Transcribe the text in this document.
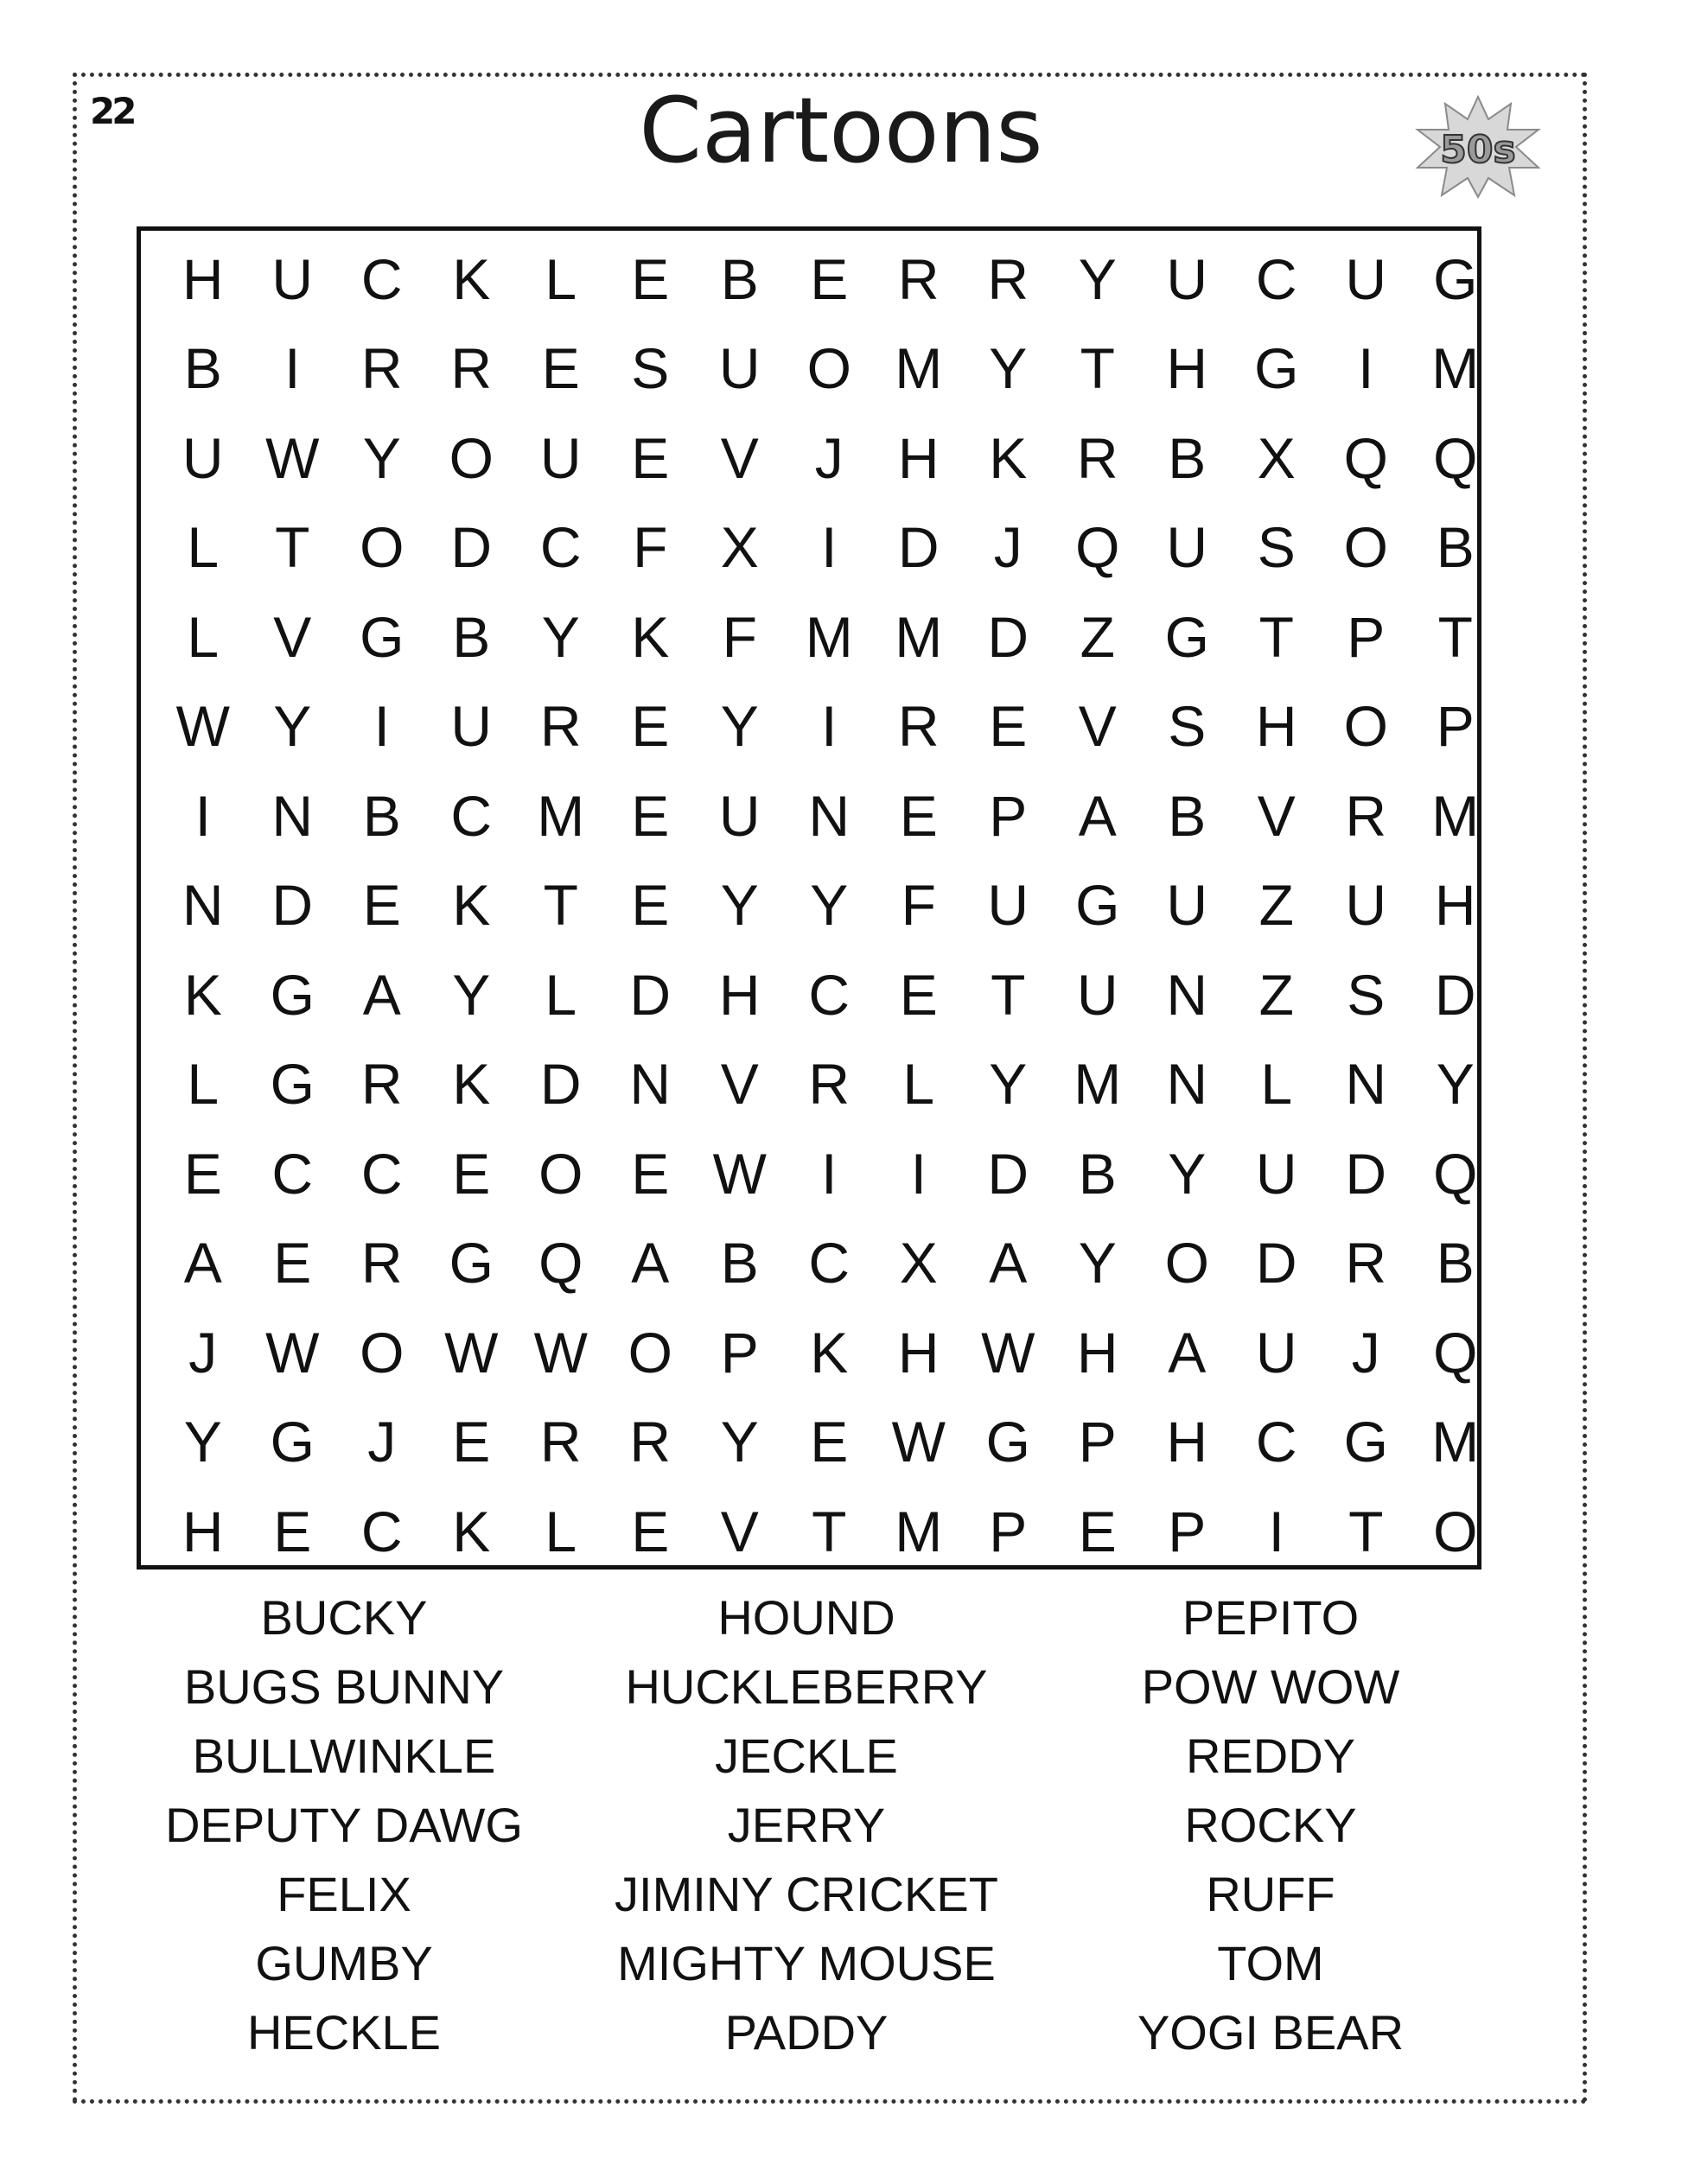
22	Cartoons	50s
H U C K L E B E R R Y U C U G
B	I	R R E S U O M Y T H G	I	M
U W Y O U E V J H K R B X Q Q
L T O D C F X	I	D J Q U S O B
L V G B Y K F M M D Z G T P T
W Y	I	U R E Y	I	R E V S H O P
I	N B C M E U N E P A B V R M
N D E K T E Y Y F U G U Z U H
K G A Y L D H C E T U N Z S D
L G R K D N V R L Y M N L N Y
E C C E O E W I	I	D B Y U D Q
A E R G Q A B C X A Y O D R B
J W O W W O P K H W H A U J Q
Y G J E R R Y E W G P H C G M
H E C K L E V T M P E P	I	T O
BUCKY
BUGS BUNNY
BULLWINKLE
DEPUTY DAWG
FELIX
GUMBY
HECKLE
HOUND
HUCKLEBERRY
JECKLE
JERRY
JIMINY CRICKET
MIGHTY MOUSE
PADDY
PEPITO
POW WOW
REDDY
ROCKY
RUFF
TOM
YOGI BEAR
